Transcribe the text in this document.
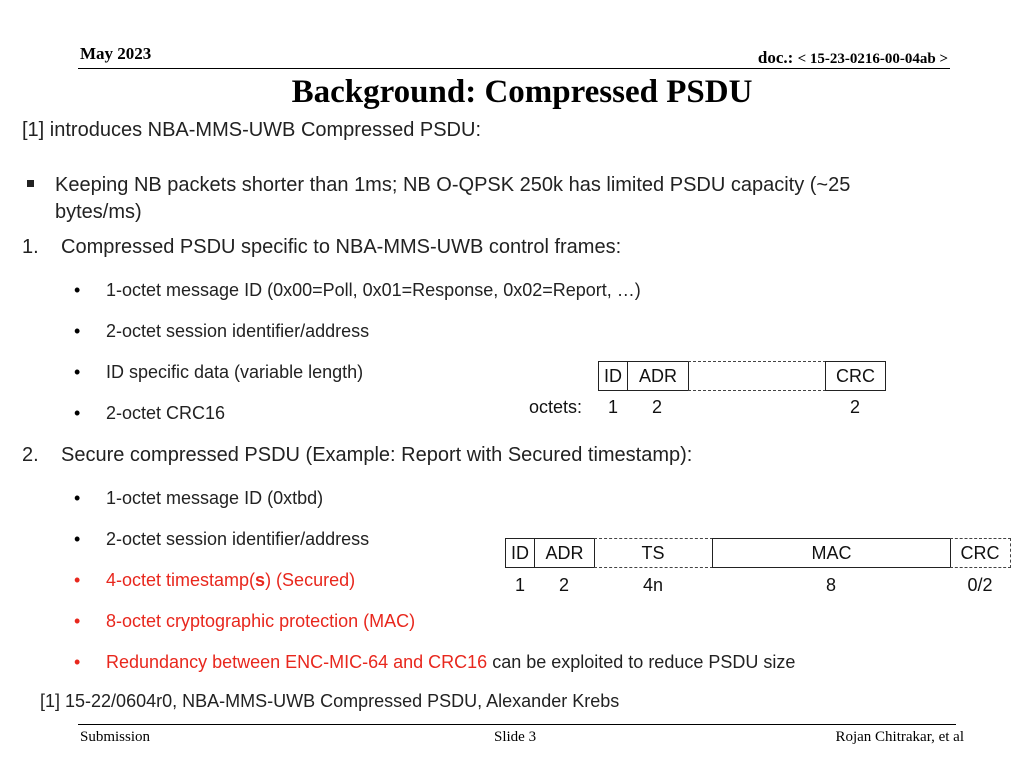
May 2023	doc.: < 15-23-0216-00-04ab >
Background: Compressed PSDU
[1] introduces NBA-MMS-UWB Compressed PSDU:
Keeping NB packets shorter than 1ms; NB O-QPSK 250k has limited PSDU capacity (~25
bytes/ms)
1. Compressed PSDU specific to NBA-MMS-UWB control frames:
• 1-octet message ID (0x00=Poll, 0x01=Response, 0x02=Report, …)
• 2-octet session identifier/address
• ID specific data (variable length)
• 2-octet CRC16
ID ADR	CRC
octets: 1 2	2
2. Secure compressed PSDU (Example: Report with Secured timestamp):
• 1-octet message ID (0xtbd)
• 2-octet session identifier/address
• 4-octet timestamp(s) (Secured)
• 8-octet cryptographic protection (MAC)
• Redundancy between ENC-MIC-64 and CRC16 can be exploited to reduce PSDU size
ID ADR	TS	MAC	CRC
1 2	4n	8	0/2
[1] 15-22/0604r0, NBA-MMS-UWB Compressed PSDU, Alexander Krebs
Submission	Slide 3	Rojan Chitrakar, et al
